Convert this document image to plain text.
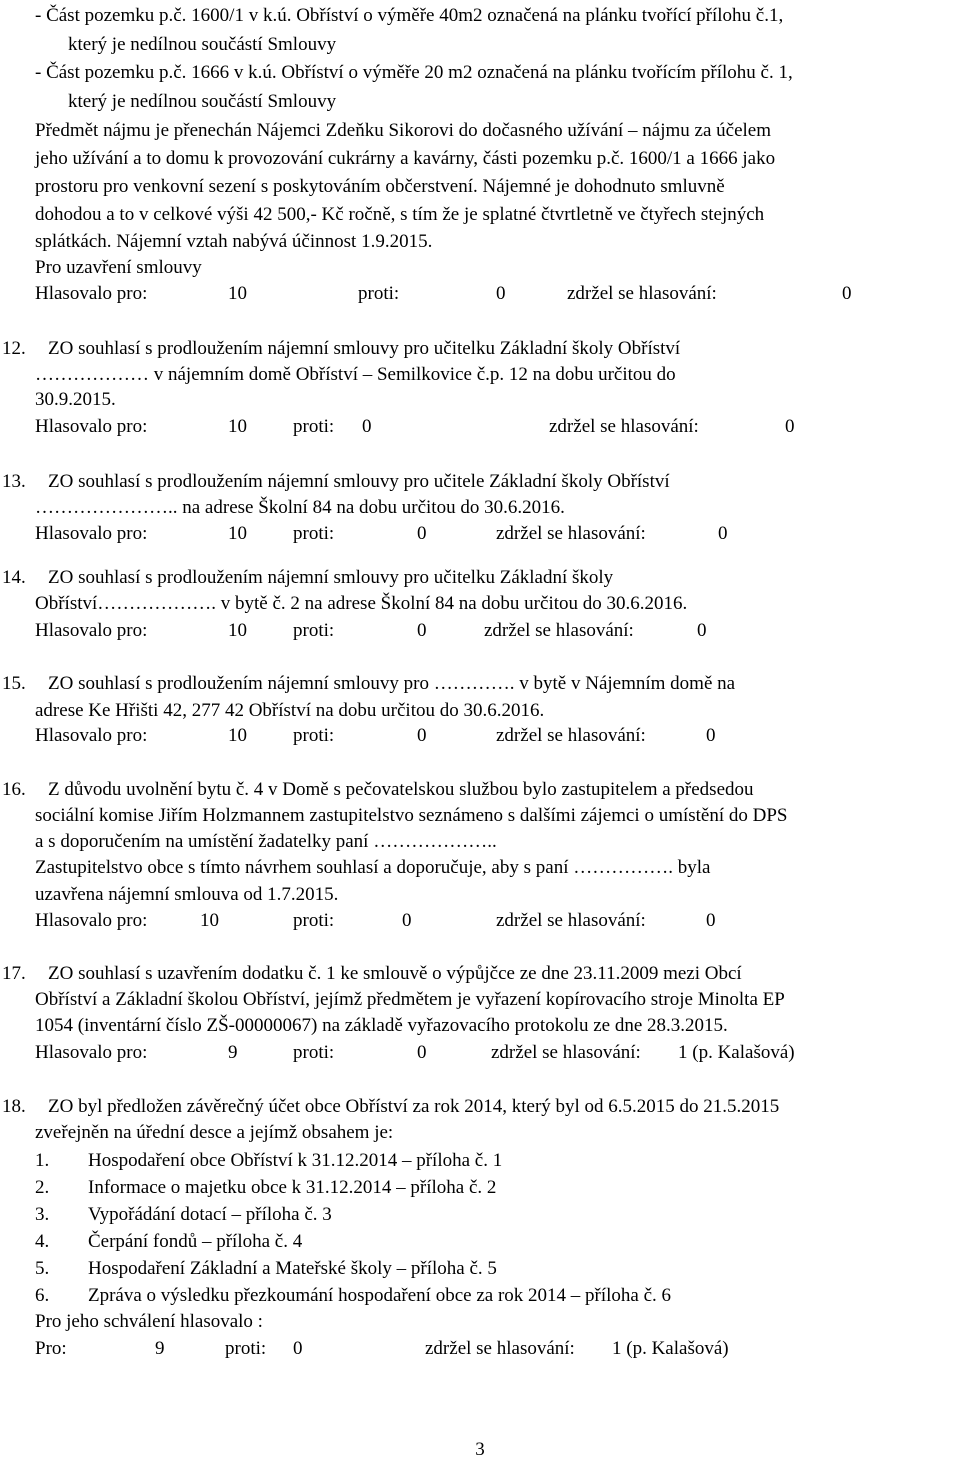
- Část pozemku p.č. 1600/1 v k.ú. Obříství o výměře 40m2 označená na plánku tvořící přílohu č.1,
který je nedílnou součástí Smlouvy
- Část pozemku p.č. 1666 v k.ú. Obříství o výměře 20 m2 označená na plánku tvořícím přílohu č. 1,
který je nedílnou součástí Smlouvy
Předmět nájmu je přenechán Nájemci Zdeňku Sikorovi do dočasného užívání – nájmu za účelem
jeho užívání a to domu k provozování cukrárny a kavárny, části pozemku p.č. 1600/1 a 1666 jako
prostoru pro venkovní sezení s poskytováním občerstvení. Nájemné je dohodnuto smluvně
dohodou a to v celkové výši 42 500,- Kč ročně, s tím že je splatné čtvrtletně ve čtyřech stejných
splátkách. Nájemní vztah nabývá účinnost 1.9.2015.
Pro uzavření smlouvy
Hlasovalo pro:	10	proti:	0	zdržel se hlasování:	0
12. ZO souhlasí s prodloužením nájemní smlouvy pro učitelku Základní školy Obříství
……………… v nájemním domě Obříství – Semilkovice č.p. 12 na dobu určitou do
30.9.2015.
Hlasovalo pro:	10 proti: 0	zdržel se hlasování:	0
13. ZO souhlasí s prodloužením nájemní smlouvy pro učitele Základní školy Obříství
………………….. na adrese Školní 84 na dobu určitou do 30.6.2016.
Hlasovalo pro:	10 proti:	0	zdržel se hlasování:	0
14. ZO souhlasí s prodloužením nájemní smlouvy pro učitelku Základní školy
Obříství………………. v bytě č. 2 na adrese Školní 84 na dobu určitou do 30.6.2016.
Hlasovalo pro:	10 proti:	0	zdržel se hlasování:	0
15. ZO souhlasí s prodloužením nájemní smlouvy pro …………. v bytě v Nájemním domě na
adrese Ke Hřišti 42, 277 42 Obříství na dobu určitou do 30.6.2016.
Hlasovalo pro:	10 proti:	0	zdržel se hlasování:	0
16. Z důvodu uvolnění bytu č. 4 v Domě s pečovatelskou službou bylo zastupitelem a předsedou
sociální komise Jiřím Holzmannem zastupitelstvo seznámeno s dalšími zájemci o umístění do DPS
a s doporučením na umístění žadatelky paní ………………..
Zastupitelstvo obce s tímto návrhem souhlasí a doporučuje, aby s paní ……………. byla
uzavřena nájemní smlouva od 1.7.2015.
Hlasovalo pro:	10	proti:	0	zdržel se hlasování:	0
17. ZO souhlasí s uzavřením dodatku č. 1 ke smlouvě o výpůjčce ze dne 23.11.2009 mezi Obcí
Obříství a Základní školou Obříství, jejímž předmětem je vyřazení kopírovacího stroje Minolta EP
1054 (inventární číslo ZŠ-00000067) na základě vyřazovacího protokolu ze dne 28.3.2015.
Hlasovalo pro:	9	proti:	0	zdržel se hlasování: 1 (p. Kalašová)
18. ZO byl předložen závěrečný účet obce Obříství za rok 2014, který byl od 6.5.2015 do 21.5.2015
zveřejněn na úřední desce a jejímž obsahem je:
1. Hospodaření obce Obříství k 31.12.2014 – příloha č. 1
2. Informace o majetku obce k 31.12.2014 – příloha č. 2
3. Vypořádání dotací – příloha č. 3
4. Čerpání fondů – příloha č. 4
5. Hospodaření Základní a Mateřské školy – příloha č. 5
6. Zpráva o výsledku přezkoumání hospodaření obce za rok 2014 – příloha č. 6
Pro jeho schválení hlasovalo :
Pro:	9	proti: 0	zdržel se hlasování: 1 (p. Kalašová)
3
